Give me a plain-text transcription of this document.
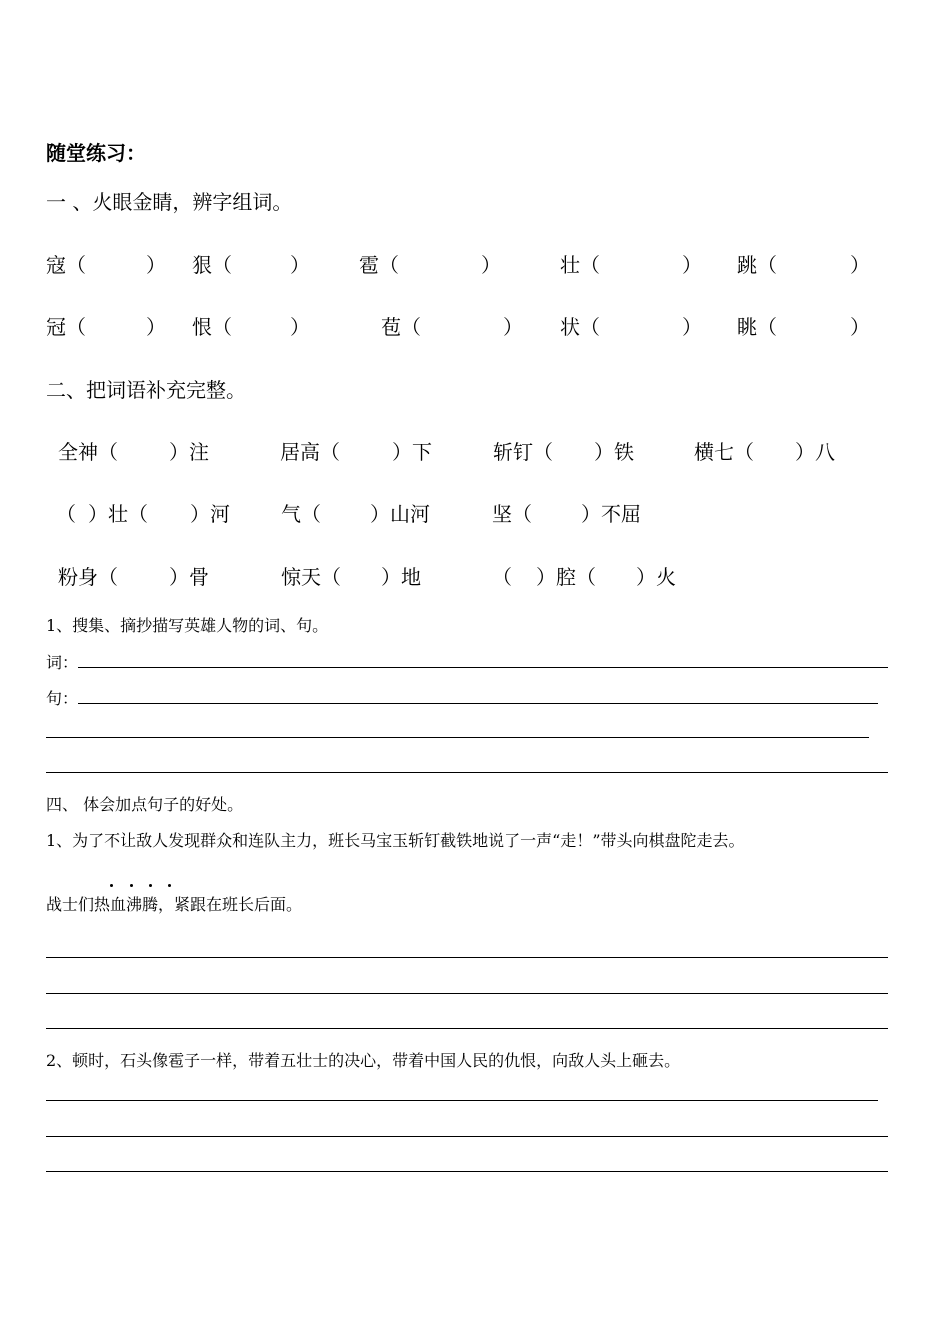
随堂练习：
一 、火眼金睛，辨字组词。
寇（	） 狠（	） 雹（	）	壮（	） 跳（	）
冠（	） 恨（	）	苞（	） 状（	） 眺（	）
二、把词语补充完整。
全神（	）注	居高（	）下	斩钉（ ）铁	横七（ ）八
（ ）壮（ ）河	气（ ）山河	坚（ ）不屈
粉身（	）骨	惊天（ ）地	（ ）腔（ ）火
1、搜集、摘抄描写英雄人物的词、句。
词：
句：
四、 体会加点句子的好处。
1、为了不让敌人发现群众和连队主力，班长马宝玉斩钉截铁地说了一声“走！”带头向棋盘陀走去。
战士们热血沸腾，紧跟在班长后面。
2、顿时，石头像雹子一样，带着五壮士的决心，带着中国人民的仇恨，向敌人头上砸去。
